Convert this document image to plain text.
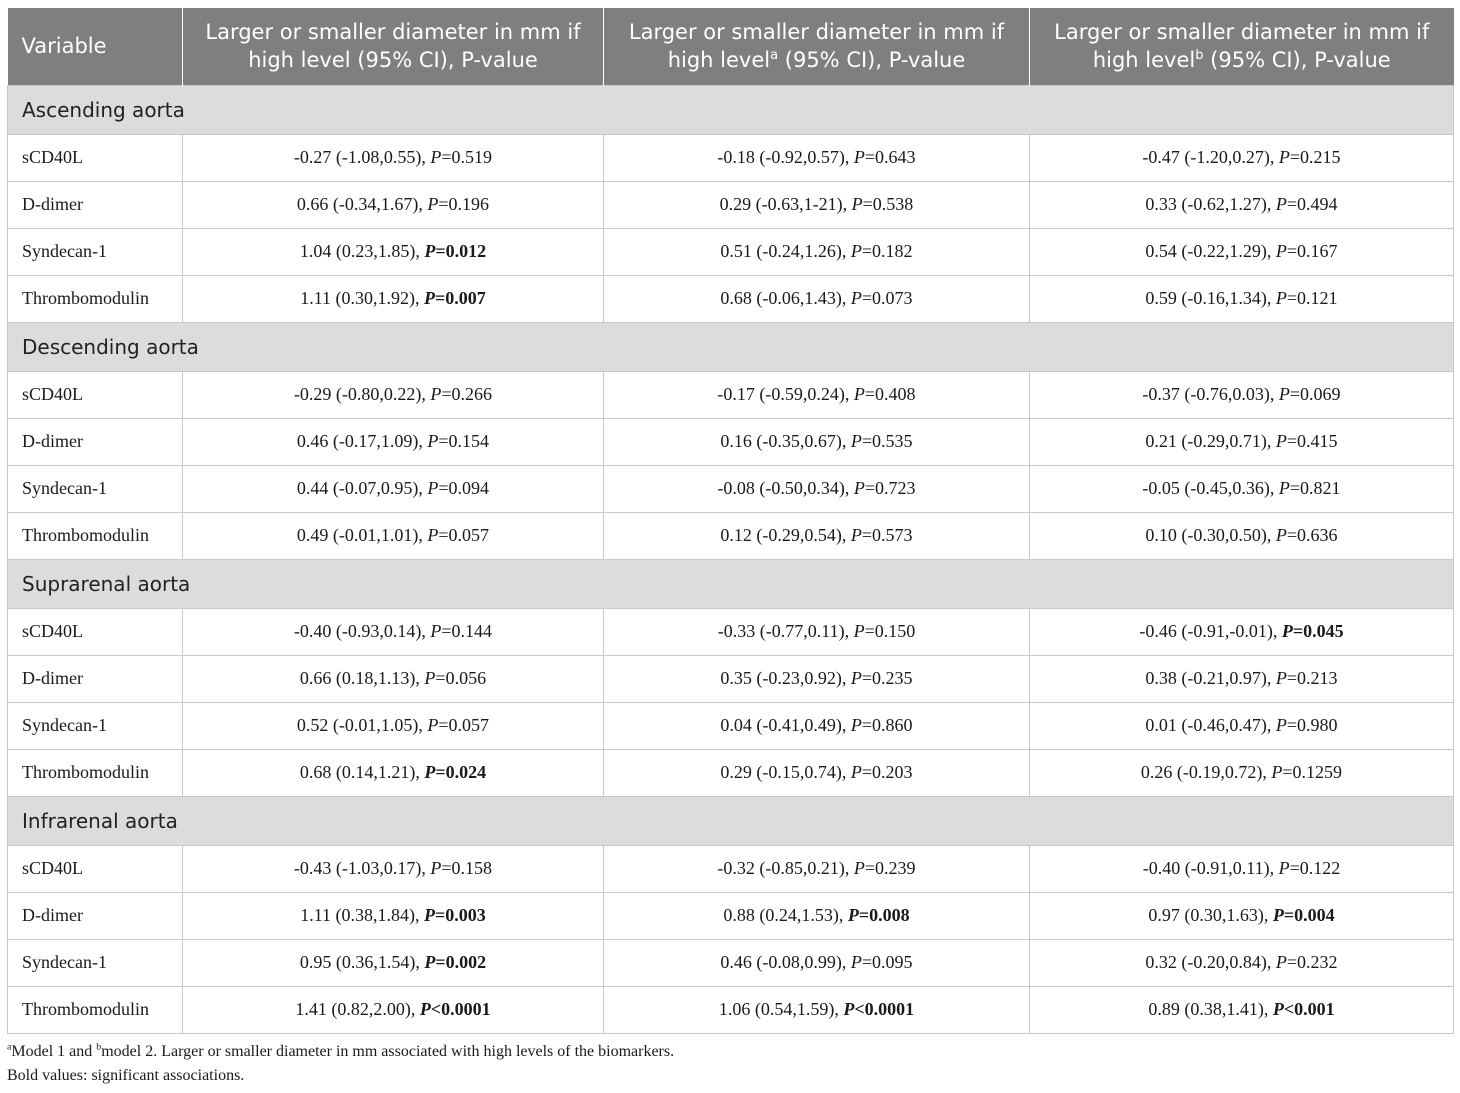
Variable	Larger or smaller diameter in mm if high level (95% CI), P-value	Larger or smaller diameter in mm if high level$^a$ (95% CI), P-value	Larger or smaller diameter in mm if high level$^b$ (95% CI), P-value
Ascending aorta			
sCD40L	-0.27 (-1.08,0.55), P=0.519	-0.18 (-0.92,0.57), P=0.643	-0.47 (-1.20,0.27), P=0.215
D-dimer	0.66 (-0.34,1.67), P=0.196	0.29 (-0.63,1-21), P=0.538	0.33 (-0.62,1.27), P=0.494
Syndecan-1	1.04 (0.23,1.85), P=0.012	0.51 (-0.24,1.26), P=0.182	0.54 (-0.22,1.29), P=0.167
Thrombomodulin	1.11 (0.30,1.92), P=0.007	0.68 (-0.06,1.43), P=0.073	0.59 (-0.16,1.34), P=0.121
Descending aorta			
sCD40L	-0.29 (-0.80,0.22), P=0.266	-0.17 (-0.59,0.24), P=0.408	-0.37 (-0.76,0.03), P=0.069
D-dimer	0.46 (-0.17,1.09), P=0.154	0.16 (-0.35,0.67), P=0.535	0.21 (-0.29,0.71), P=0.415
Syndecan-1	0.44 (-0.07,0.95), P=0.094	-0.08 (-0.50,0.34), P=0.723	-0.05 (-0.45,0.36), P=0.821
Thrombomodulin	0.49 (-0.01,1.01), P=0.057	0.12 (-0.29,0.54), P=0.573	0.10 (-0.30,0.50), P=0.636
Suprarenal aorta			
sCD40L	-0.40 (-0.93,0.14), P=0.144	-0.33 (-0.77,0.11), P=0.150	-0.46 (-0.91,-0.01), P=0.045
D-dimer	0.66 (0.18,1.13), P=0.056	0.35 (-0.23,0.92), P=0.235	0.38 (-0.21,0.97), P=0.213
Syndecan-1	0.52 (-0.01,1.05), P=0.057	0.04 (-0.41,0.49), P=0.860	0.01 (-0.46,0.47), P=0.980
Thrombomodulin	0.68 (0.14,1.21), P=0.024	0.29 (-0.15,0.74), P=0.203	0.26 (-0.19,0.72), P=0.1259
Infrarenal aorta			
sCD40L	-0.43 (-1.03,0.17), P=0.158	-0.32 (-0.85,0.21), P=0.239	-0.40 (-0.91,0.11), P=0.122
D-dimer	1.11 (0.38,1.84), P=0.003	0.88 (0.24,1.53), P=0.008	0.97 (0.30,1.63), P=0.004
Syndecan-1	0.95 (0.36,1.54), P=0.002	0.46 (-0.08,0.99), P=0.095	0.32 (-0.20,0.84), P=0.232
Thrombomodulin	1.41 (0.82,2.00), P<0.0001	1.06 (0.54,1.59), P<0.0001	0.89 (0.38,1.41), P<0.001
$^a$Model 1 and $^b$model 2. Larger or smaller diameter in mm associated with high levels of the biomarkers.
Bold values: significant associations.
